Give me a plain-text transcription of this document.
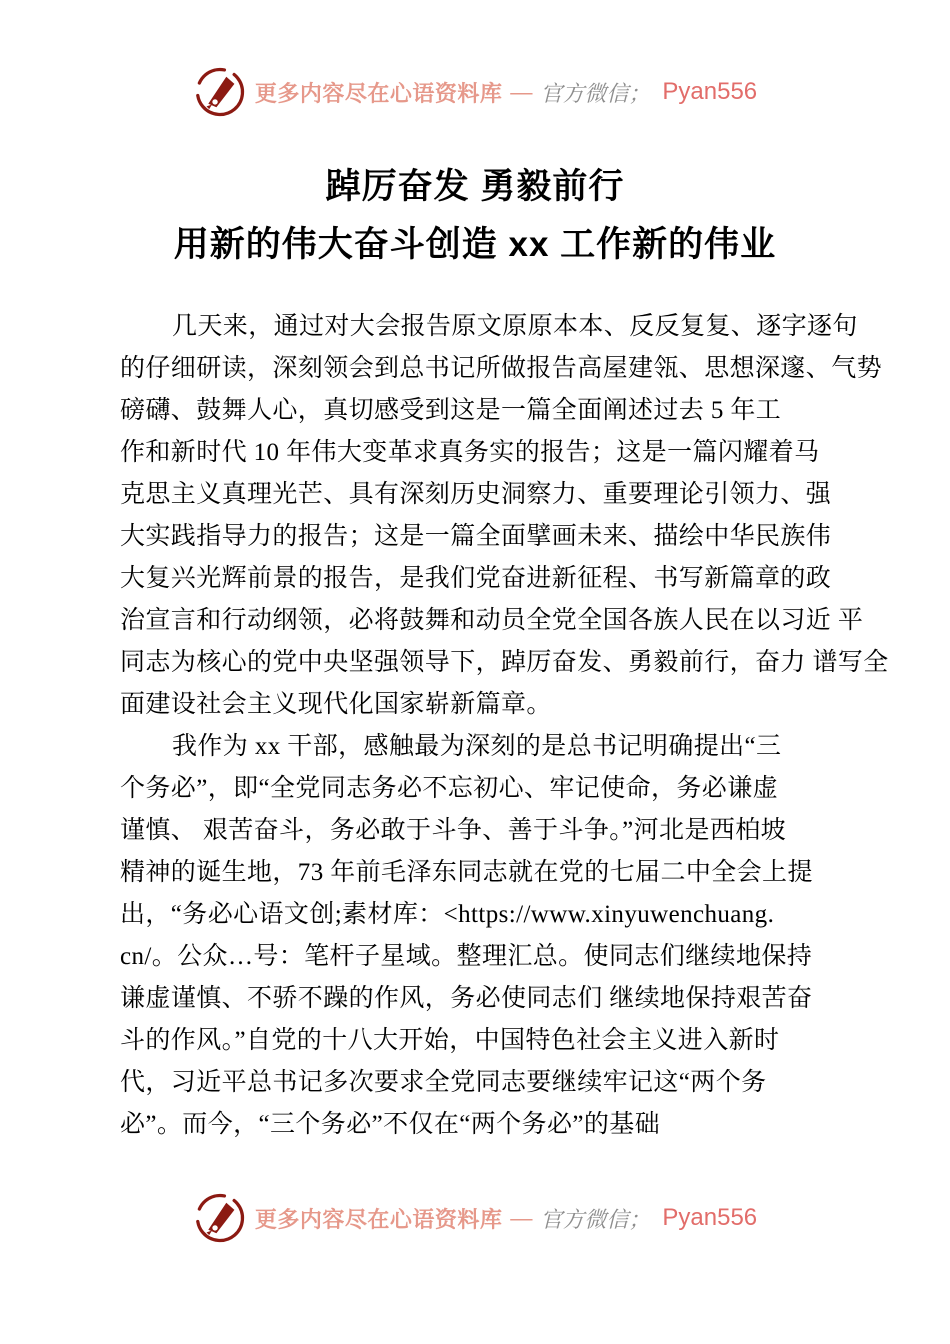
更多内容尽在心语资料库 — 官方微信； Pyan556
踔厉奋发 勇毅前行
用新的伟大奋斗创造 xx 工作新的伟业
几天来，通过对大会报告原文原原本本、反反复复、逐字逐句
的仔细研读，深刻领会到总书记所做报告高屋建瓴、思想深邃、气势
磅礴、鼓舞人心，真切感受到这是一篇全面阐述过去 5 年工
作和新时代 10 年伟大变革求真务实的报告；这是一篇闪耀着马
克思主义真理光芒、具有深刻历史洞察力、重要理论引领力、强
大实践指导力的报告；这是一篇全面擘画未来、描绘中华民族伟
大复兴光辉前景的报告，是我们党奋进新征程、书写新篇章的政
治宣言和行动纲领，必将鼓舞和动员全党全国各族人民在以习近 平
同志为核心的党中央坚强领导下，踔厉奋发、勇毅前行，奋力 谱写全
面建设社会主义现代化国家崭新篇章。
我作为 xx 干部，感触最为深刻的是总书记明确提出“三
个务必”，即“全党同志务必不忘初心、牢记使命，务必谦虚
谨慎、 艰苦奋斗，务必敢于斗争、善于斗争。”河北是西柏坡
精神的诞生地，73 年前毛泽东同志就在党的七届二中全会上提
出，“务必心语文创;素材库：<https://www.xinyuwenchuang.
cn/。公众…号：笔杆子星域。整理汇总。使同志们继续地保持
谦虚谨慎、不骄不躁的作风，务必使同志们 继续地保持艰苦奋
斗的作风。”自党的十八大开始，中国特色社会主义进入新时
代，习近平总书记多次要求全党同志要继续牢记这“两个务
必”。而今，“三个务必”不仅在“两个务必”的基础
更多内容尽在心语资料库 — 官方微信； Pyan556
